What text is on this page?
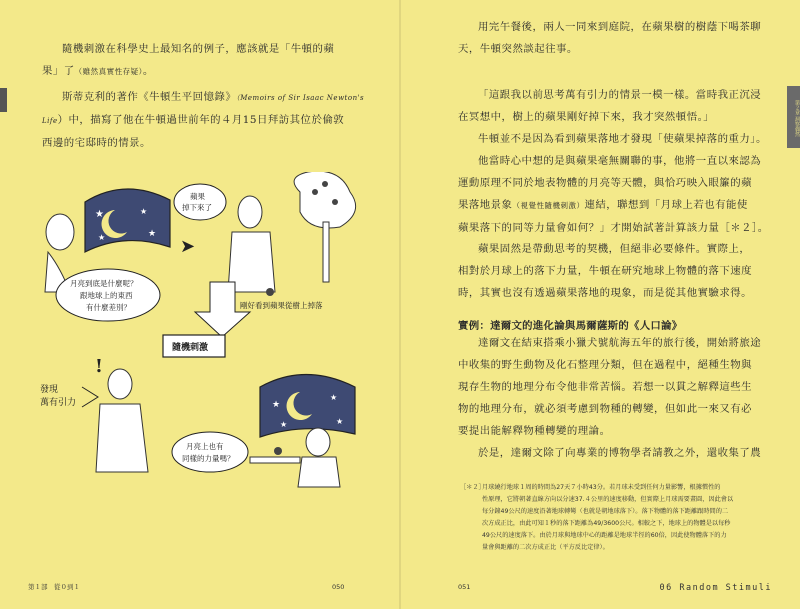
隨機刺激在科學史上最知名的例子，應該就是「牛頓的蘋
果」了（雖然真實性存疑）。

斯蒂克利的著作《牛頓生平回憶錄》（Memoirs of Sir Isaac Newton's
Life）中，描寫了他在牛頓過世前年的４月15日拜訪其位於倫敦
西邊的宅邸時的情景。

★	★
★	★
➤
蘋果
掉下來了
月亮到底是什麼呢？
跟地球上的東西
有什麼差別？
隨機刺激
發現
萬有引力
!
★
★
★	★
月亮上也有
同樣的力量嗎？
剛好看到蘋果從樹上掉落
第１部　從０到１	050
第２章 洞察偶然

用完午餐後，兩人一同來到庭院，在蘋果樹的樹蔭下喝茶聊
天，牛頓突然談起往事。

「這跟我以前思考萬有引力的情景一模一樣。當時我正沉浸
在冥想中，樹上的蘋果剛好掉下來，我才突然頓悟。」

牛頓並不是因為看到蘋果落地才發現「使蘋果掉落的重力」。

他當時心中想的是與蘋果毫無關聯的事，他將一直以來認為
運動原理不同於地表物體的月亮等天體，與恰巧映入眼簾的蘋
果落地景象（視覺性隨機刺激）連結，聯想到「月球上若也有能使
蘋果落下的同等力量會如何？」才開始試著計算該力量［＊２］。

蘋果固然是帶動思考的契機，但絕非必要條件。實際上，
相對於月球上的落下力量，牛頓在研究地球上物體的落下速度
時，其實也沒有透過蘋果落地的現象，而是從其他實驗求得。

實例：達爾文的進化論與馬爾薩斯的《人口論》

達爾文在結束搭乘小獵犬號航海五年的旅行後，開始將旅途
中收集的野生動物及化石整理分類，但在過程中，絕種生物與
現存生物的地理分布令他非常苦惱。若想一以貫之解釋這些生
物的地理分布，就必須考慮到物種的轉變，但如此一來又有必
要提出能解釋物種轉變的理論。

於是，達爾文除了向專業的博物學者請教之外，還收集了農

［＊２］
月球繞行地球１周的時間為27天７小時43分。若月球未受到任何力量影響，根據慣性的
性原理，它將朝著直線方向以分速37.４公里的速度移動，但實際上月球需要畫圓，因此會以
每分鐘49公尺的速度沿著地球轉彎（也就是朝地球落下）。落下物體的落下距離跟時間的二
次方成正比，由此可知１秒的落下距離為49/3600公尺。相較之下，地球上的物體是以每秒
49公尺的速度落下。由於月球與地球中心的距離是地球半徑的60倍，因此使物體落下的力
量會與距離的二次方成正比（平方反比定律）。
051	06 Random Stimuli
